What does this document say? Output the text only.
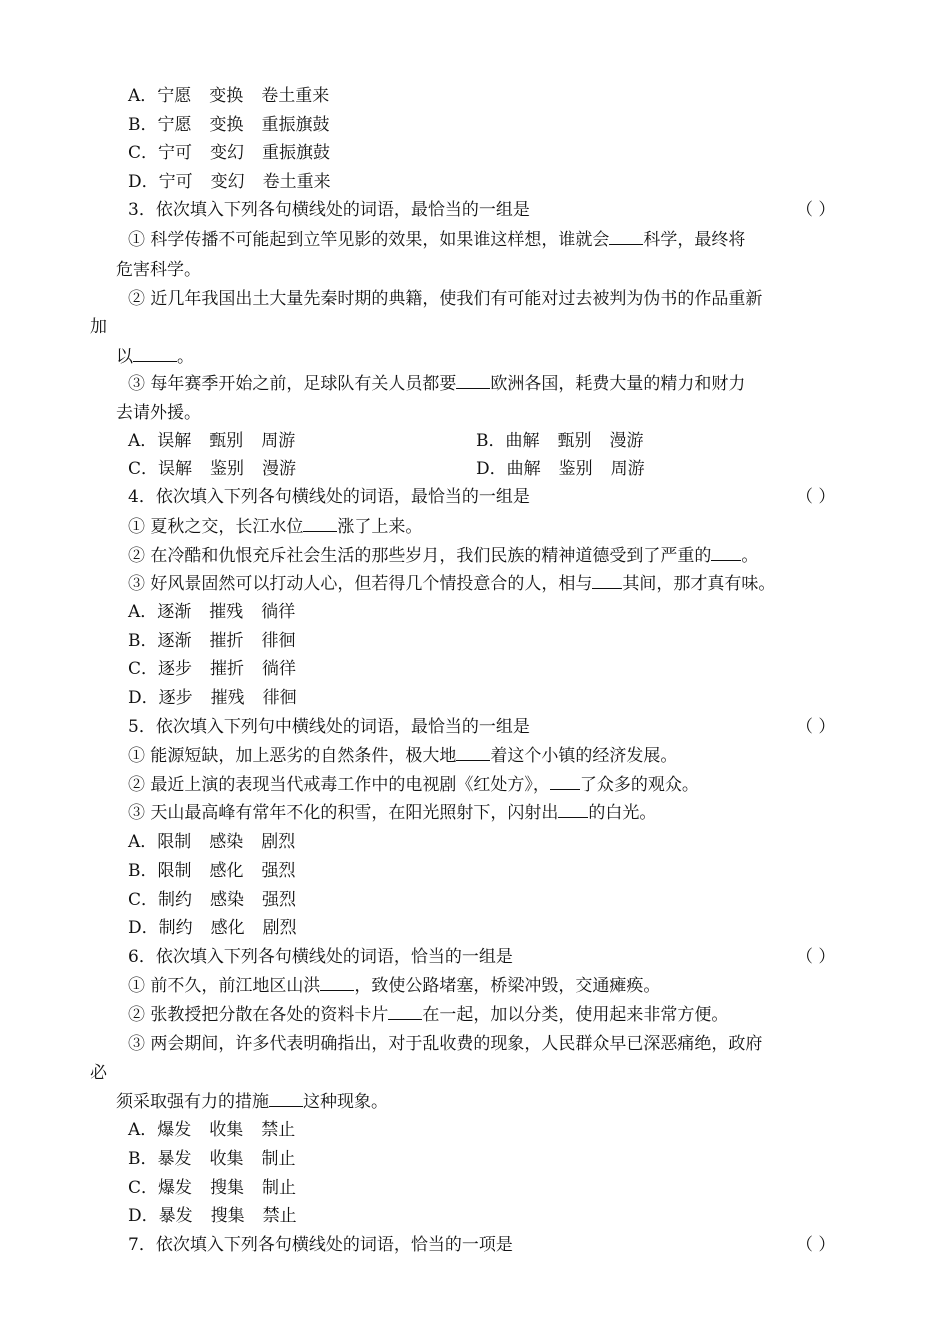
A．宁愿 变换 卷土重来
B．宁愿 变换 重振旗鼓
C．宁可 变幻 重振旗鼓
D．宁可 变幻 卷土重来
3．依次填入下列各句横线处的词语，最恰当的一组是	（ ）
① 科学传播不可能起到立竿见影的效果，如果谁这样想，谁就会 科学，最终将
危害科学。
② 近几年我国出土大量先秦时期的典籍，使我们有可能对过去被判为伪书的作品重新
加
以	。
③ 每年赛季开始之前，足球队有关人员都要 欧洲各国，耗费大量的精力和财力
去请外援。
A．误解 甄别 周游	B．曲解 甄别 漫游
C．误解 鉴别 漫游	D．曲解 鉴别 周游
4．依次填入下列各句横线处的词语，最恰当的一组是	（ ）
① 夏秋之交，长江水位 涨了上来。
② 在冷酷和仇恨充斥社会生活的那些岁月，我们民族的精神道德受到了严重的 。
③ 好风景固然可以打动人心，但若得几个情投意合的人，相与 其间，那才真有味。
A．逐渐 摧残 徜徉
B．逐渐 摧折 徘徊
C．逐步 摧折 徜徉
D．逐步 摧残 徘徊
5．依次填入下列句中横线处的词语，最恰当的一组是	（ ）
① 能源短缺，加上恶劣的自然条件，极大地 着这个小镇的经济发展。
② 最近上演的表现当代戒毒工作中的电视剧《红处方》， 了众多的观众。
③ 天山最高峰有常年不化的积雪，在阳光照射下，闪射出 的白光。
A．限制 感染 剧烈
B．限制 感化 强烈
C．制约 感染 强烈
D．制约 感化 剧烈
6．依次填入下列各句横线处的词语，恰当的一组是	（ ）
① 前不久，前江地区山洪 ，致使公路堵塞，桥梁冲毁，交通瘫痪。
② 张教授把分散在各处的资料卡片 在一起，加以分类，使用起来非常方便。
③ 两会期间，许多代表明确指出，对于乱收费的现象，人民群众早已深恶痛绝，政府
必
须采取强有力的措施 这种现象。
A．爆发 收集 禁止
B．暴发 收集 制止
C．爆发 搜集 制止
D．暴发 搜集 禁止
7．依次填入下列各句横线处的词语，恰当的一项是	（ ）
